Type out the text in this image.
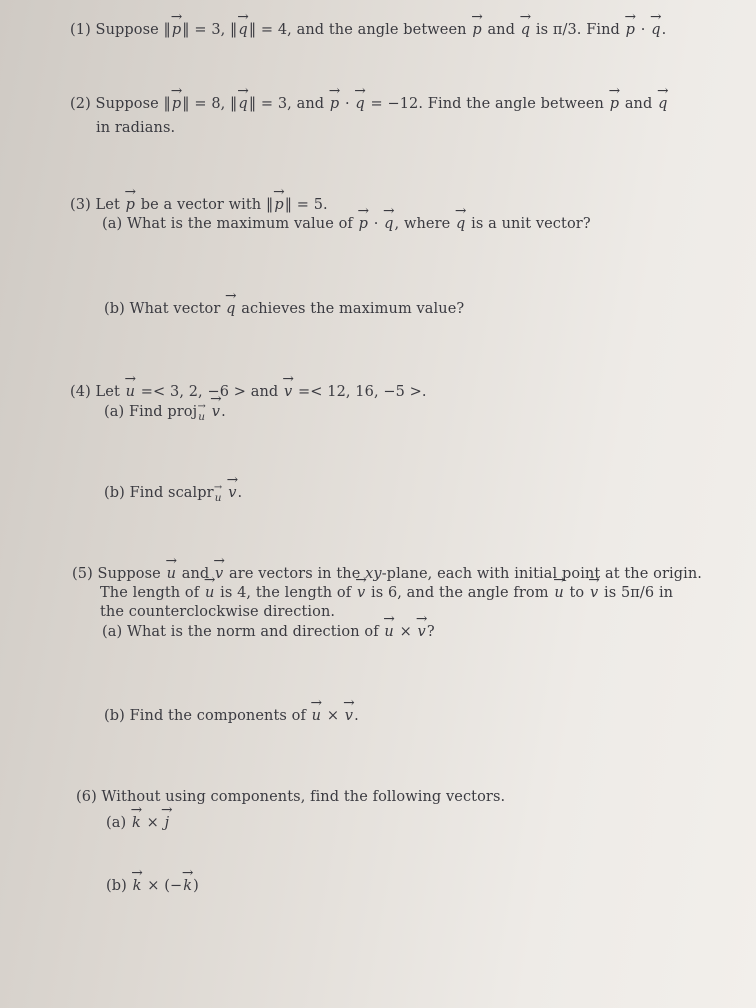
(1) Suppose ‖→ p‖ = 3, ‖→ q‖ = 4, and the angle between → p and → q is π/3. Find → p · → q.
(2) Suppose ‖→ p‖ = 8, ‖→ q‖ = 3, and → p · → q = −12. Find the angle between → p and → q
in radians.
(3) Let → p be a vector with ‖→ p‖ = 5.
(a) What is the maximum value of → p · → q, where → q is a unit vector?
(b) What vector → q achieves the maximum value?
(4) Let → u =< 3, 2, −6 > and → v =< 12, 16, −5 >.
(a) Find proj→ $_u$ → v.
(b) Find scalpr→ $_u$ → v.
(5) Suppose → u and → v are vectors in the xy-plane, each with initial point at the origin.
The length of → u is 4, the length of → v is 6, and the angle from → u to → v is 5π/6 in
the counterclockwise direction.
(a) What is the norm and direction of → u × → v?
(b) Find the components of → u × → v.
(6) Without using components, find the following vectors.
(a) → k × → j
(b) → k × (−→ k)
